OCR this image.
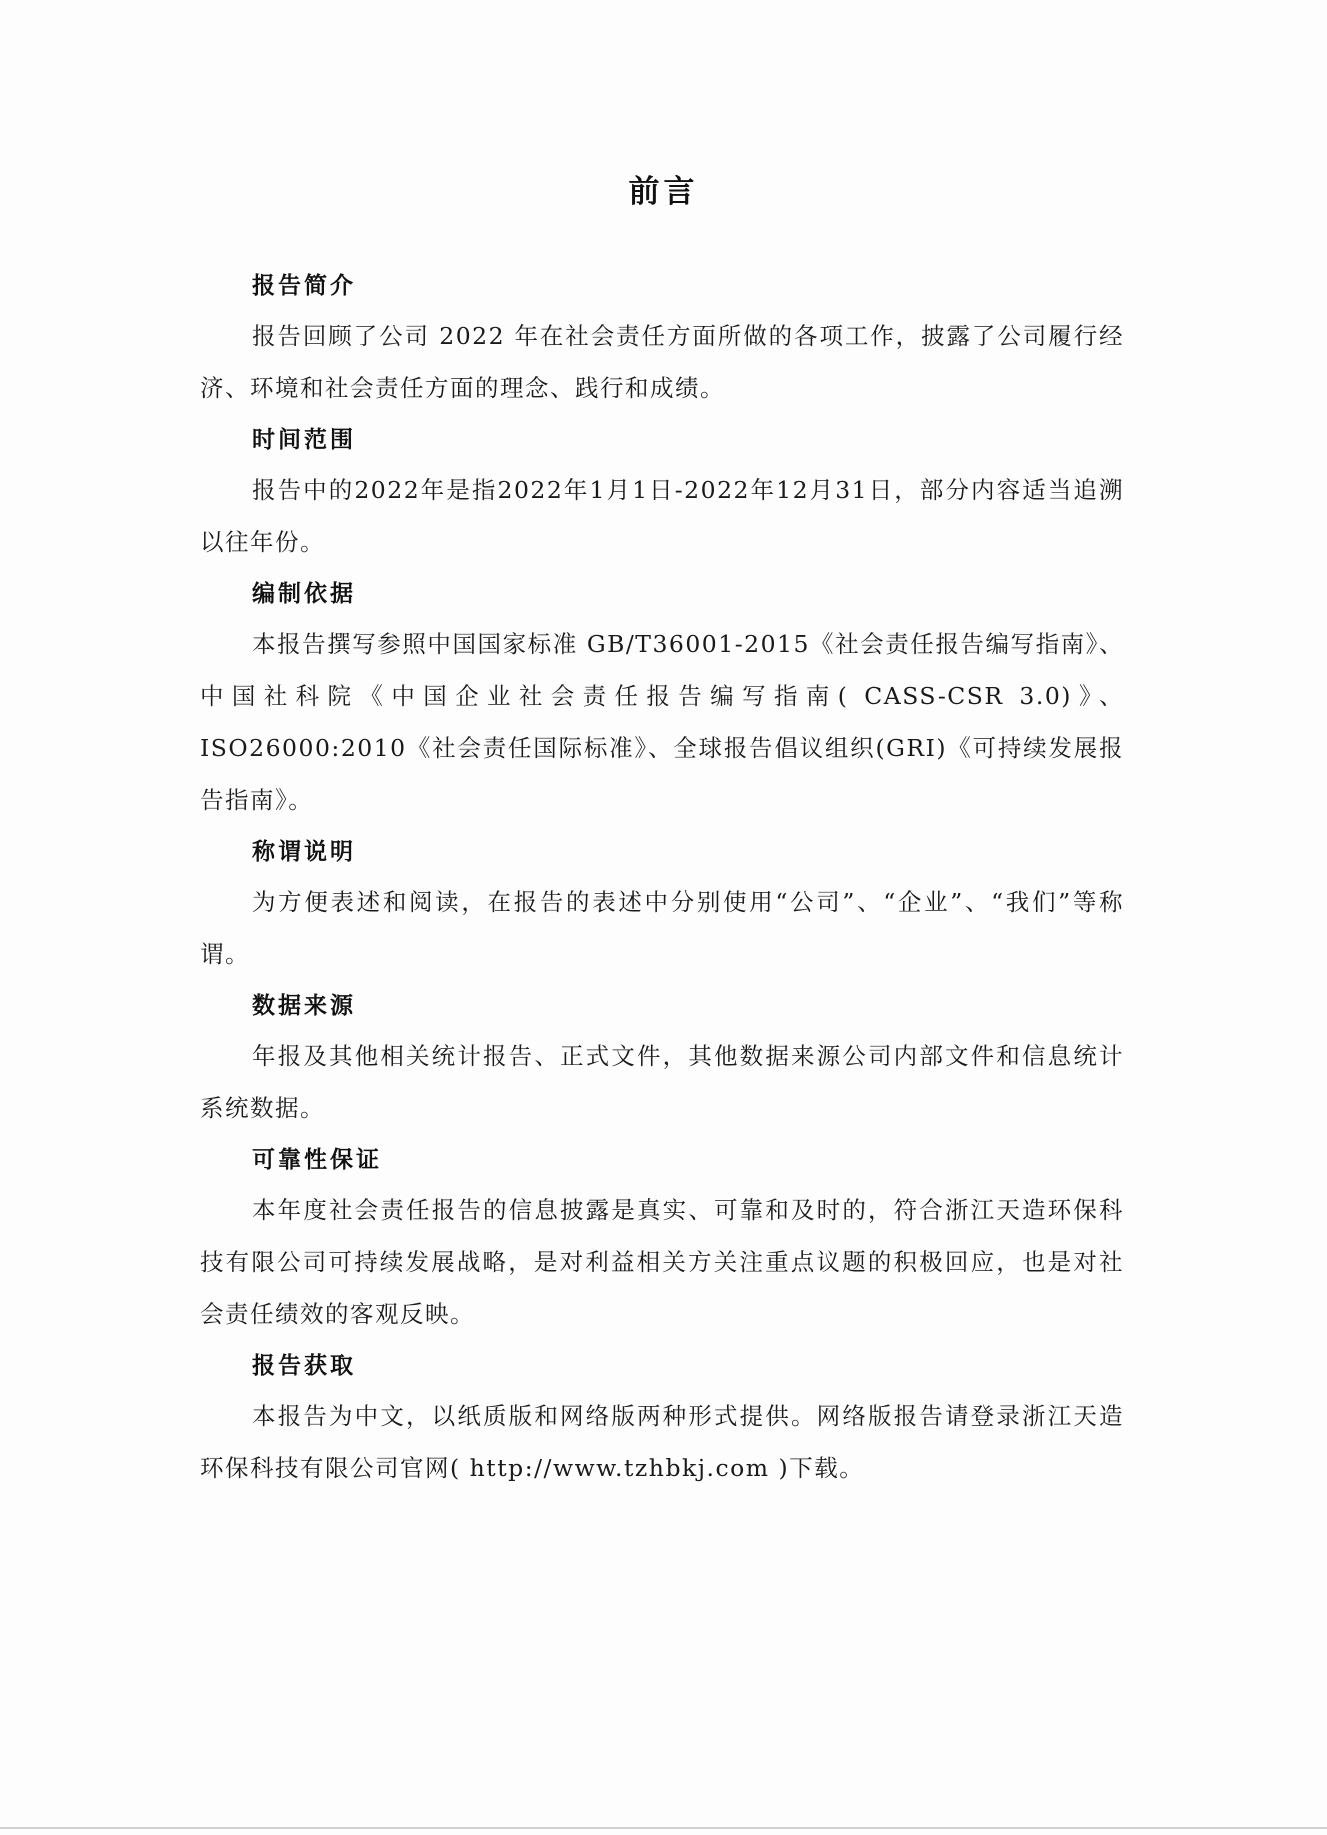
前言
报告简介
报告回顾了公司 2022 年在社会责任方面所做的各项工作，披露了公司履行经济、环境和社会责任方面的理念、践行和成绩。
时间范围
报告中的2022年是指2022年1月1日-2022年12月31日，部分内容适当追溯以往年份。
编制依据
本报告撰写参照中国国家标准 GB/T36001-2015《社会责任报告编写指南》、中国社科院《中国企业社会责任报告编写指南( CASS-CSR 3.0)》、 ISO26000:2010《社会责任国际标准》、全球报告倡议组织(GRI)《可持续发展报告指南》。
称谓说明
为方便表述和阅读，在报告的表述中分别使用“公司”、“企业”、“我们”等称谓。
数据来源
年报及其他相关统计报告、正式文件，其他数据来源公司内部文件和信息统计系统数据。
可靠性保证
本年度社会责任报告的信息披露是真实、可靠和及时的，符合浙江天造环保科技有限公司可持续发展战略，是对利益相关方关注重点议题的积极回应，也是对社会责任绩效的客观反映。
报告获取
本报告为中文，以纸质版和网络版两种形式提供。网络版报告请登录浙江天造环保科技有限公司官网( http://www.tzhbkj.com )下载。
